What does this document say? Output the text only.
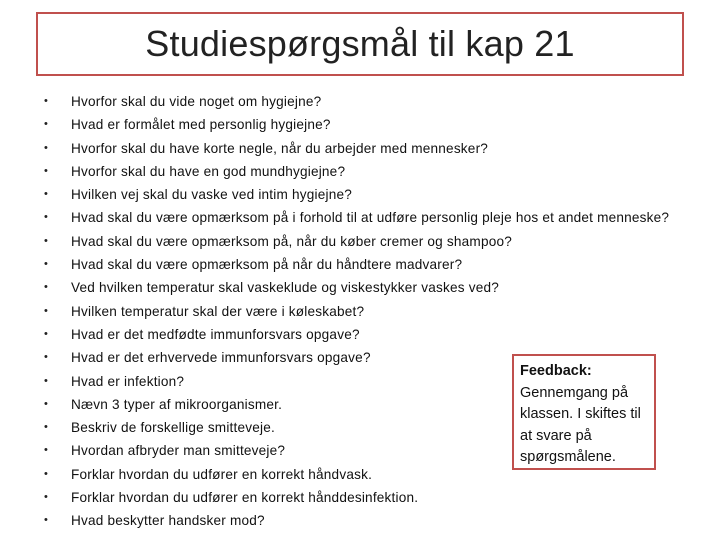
Studiespørgsmål til kap 21
• Hvorfor skal du vide noget om hygiejne?
• Hvad er formålet med personlig hygiejne?
• Hvorfor skal du have korte negle, når du arbejder med mennesker?
• Hvorfor skal du have en god mundhygiejne?
• Hvilken vej skal du vaske ved intim hygiejne?
• Hvad skal du være opmærksom på i forhold til at udføre personlig pleje hos et andet menneske?
• Hvad skal du være opmærksom på, når du køber cremer og shampoo?
• Hvad skal du være opmærksom på når du håndtere madvarer?
• Ved hvilken temperatur skal vaskeklude og viskestykker vaskes ved?
• Hvilken temperatur skal der være i køleskabet?
• Hvad er det medfødte immunforsvars opgave?
• Hvad er det erhvervede immunforsvars opgave?
• Hvad er infektion?
• Nævn 3 typer af mikroorganismer.
• Beskriv de forskellige smitteveje.
• Hvordan afbryder man smitteveje?
• Forklar hvordan du udfører en korrekt håndvask.
• Forklar hvordan du udfører en korrekt hånddesinfektion.
• Hvad beskytter handsker mod?
Feedback:
Gennemgang på klassen. I skiftes til at svare på spørgsmålene.
